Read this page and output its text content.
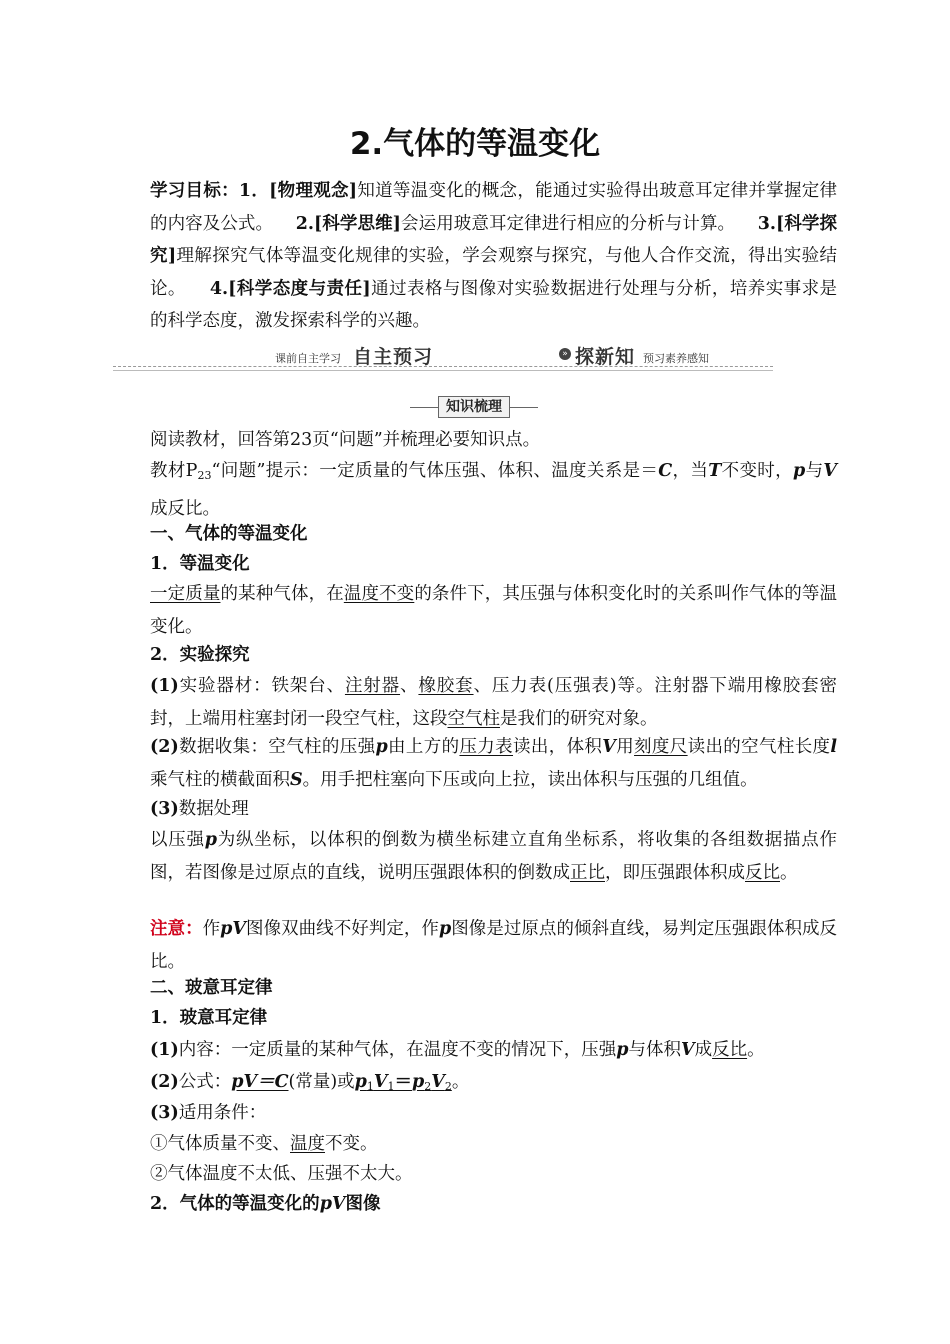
2.气体的等温变化
学习目标：1．[物理观念]知道等温变化的概念，能通过实验得出玻意耳定律并掌握定律的内容及公式。 2.[科学思维]会运用玻意耳定律进行相应的分析与计算。 3.[科学探究]理解探究气体等温变化规律的实验，学会观察与探究，与他人合作交流，得出实验结论。 4.[科学态度与责任]通过表格与图像对实验数据进行处理与分析，培养实事求是的科学态度，激发探索科学的兴趣。
课前自主学习 自主预习	» 探新知 预习素养感知
知识梳理
阅读教材，回答第23页“问题”并梳理必要知识点。
教材$P_{23}“$问题”提示：一定质量的气体压强、体积、温度关系是＝C，当T不变时，p与V成反比。
一、气体的等温变化
1．等温变化
一定质量的某种气体，在温度不变的条件下，其压强与体积变化时的关系叫作气体的等温变化。
2．实验探究
(1)实验器材：铁架台、注射器、橡胶套、压力表(压强表)等。注射器下端用橡胶套密封，上端用柱塞封闭一段空气柱，这段空气柱是我们的研究对象。
(2)数据收集：空气柱的压强p由上方的压力表读出，体积V用刻度尺读出的空气柱长度l乘气柱的横截面积S。用手把柱塞向下压或向上拉，读出体积与压强的几组值。
(3)数据处理
以压强p为纵坐标，以体积的倒数为横坐标建立直角坐标系，将收集的各组数据描点作图，若图像是过原点的直线，说明压强跟体积的倒数成正比，即压强跟体积成反比。
注意：作pV图像双曲线不好判定，作p图像是过原点的倾斜直线，易判定压强跟体积成反比。
二、玻意耳定律
1．玻意耳定律
(1)内容：一定质量的某种气体，在温度不变的情况下，压强p与体积V成反比。
(2)公式：pV＝C(常量)或$p_1V_1=p_2V_2$。
(3)适用条件：
①气体质量不变、温度不变。
②气体温度不太低、压强不太大。
2．气体的等温变化的pV图像
